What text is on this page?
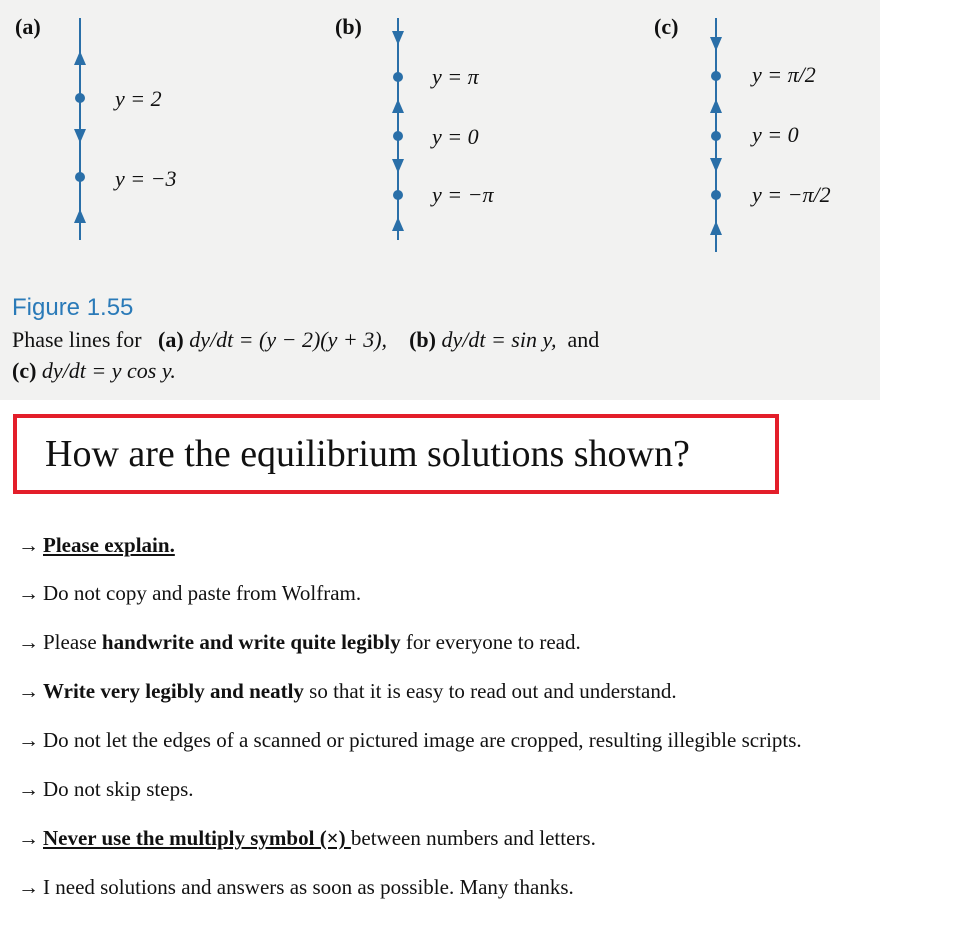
(a)	(b)	(c)
y = 2
y = −3
y = π
y = 0
y = −π
y = π/2
y = 0
y = −π/2
Figure 1.55
Phase lines for (a) dy/dt = (y − 2)(y + 3), (b) dy/dt = sin y, and
(c) dy/dt = y cos y.
How are the equilibrium solutions shown?
→ Please explain.
→ Do not copy and paste from Wolfram.
→ Please handwrite and write quite legibly for everyone to read.
→ Write very legibly and neatly so that it is easy to read out and understand.
→ Do not let the edges of a scanned or pictured image are cropped, resulting illegible scripts.
→ Do not skip steps.
→ Never use the multiply symbol (×) between numbers and letters.
→ I need solutions and answers as soon as possible. Many thanks.
